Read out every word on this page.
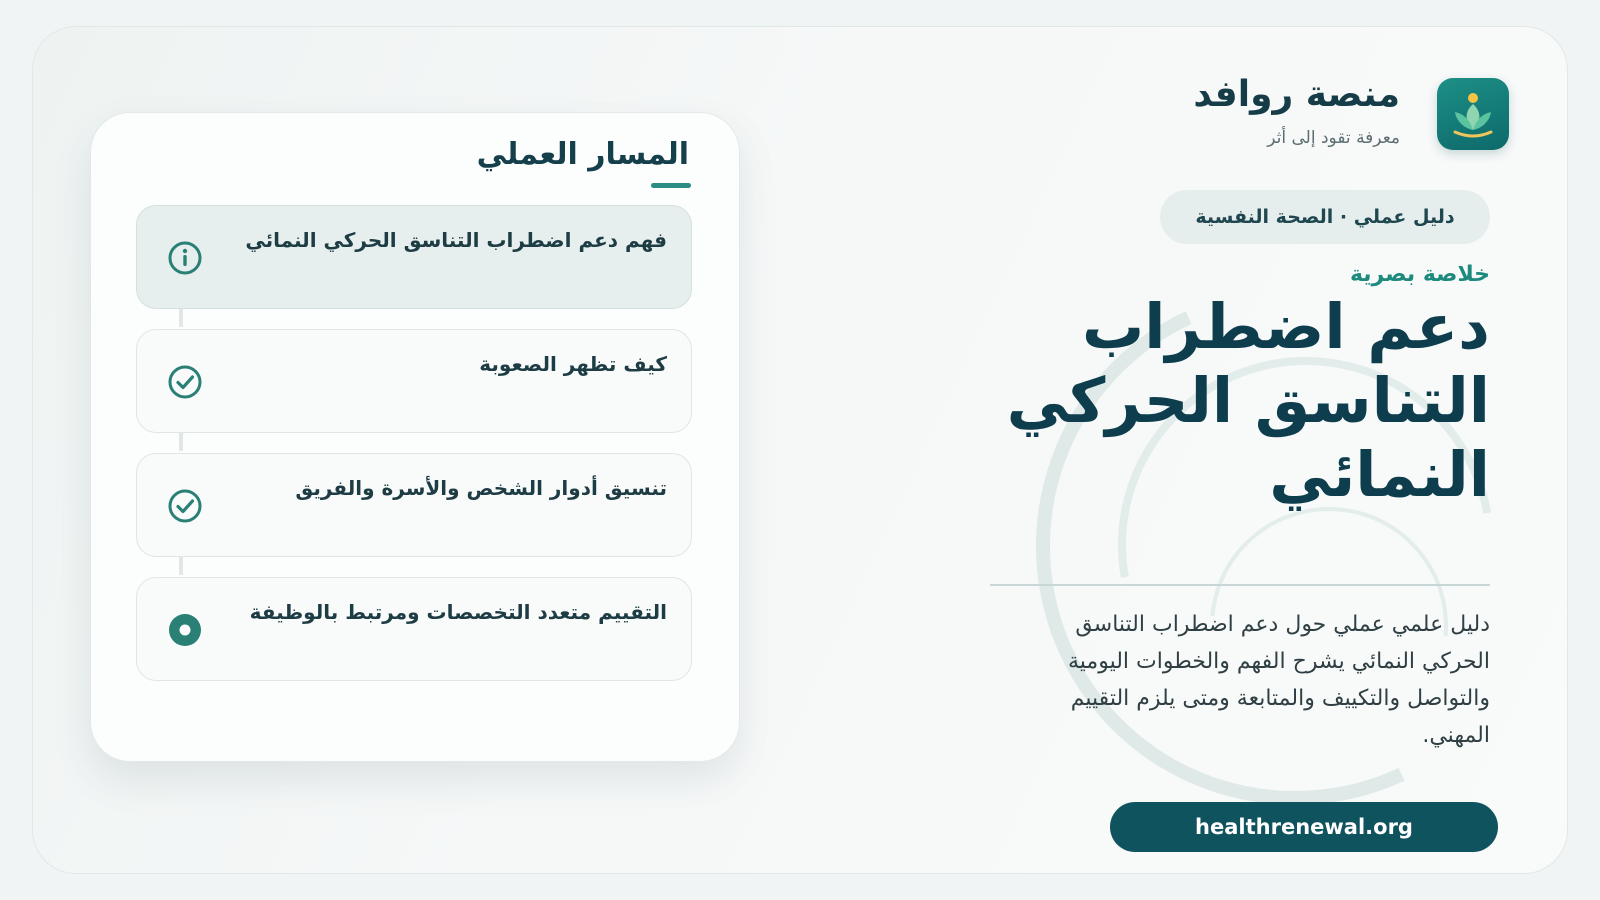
منصة روافد
معرفة تقود إلى أثر
دليل عملي · الصحة النفسية
خلاصة بصرية
دعم اضطراب التناسق الحركي النمائي
دليل علمي عملي حول دعم اضطراب التناسق الحركي النمائي يشرح الفهم والخطوات اليومية والتواصل والتكييف والمتابعة ومتى يلزم التقييم المهني.
healthrenewal.org
المسار العملي
فهم دعم اضطراب التناسق الحركي النمائي
كيف تظهر الصعوبة
تنسيق أدوار الشخص والأسرة والفريق
التقييم متعدد التخصصات ومرتبط بالوظيفة
